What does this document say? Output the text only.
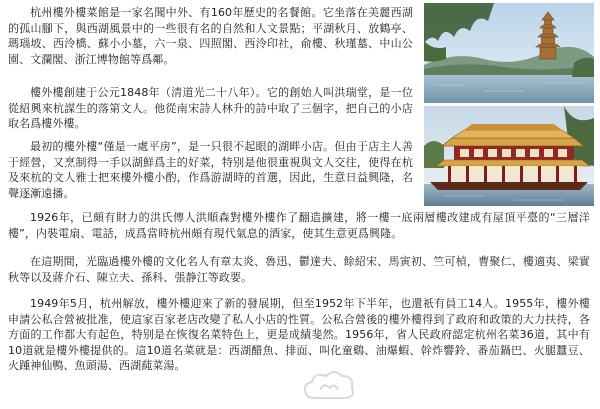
杭州樓外樓菜館是一家名聞中外、有160年歷史的名餐館。它坐落在美麗西湖的孤山腳下，與西湖風景中的一些很有名的自然和人文景點；平湖秋月、放鶴亭、瑪瑙坡、西泠橋、蘇小小墓，六一泉、四照閣、西泠印社，俞樓、秋瑾墓、中山公園、文瀾閣、浙江博物館等爲鄰。

樓外樓創建于公元1848年（清道光二十八年）。它的創始人叫洪瑞堂，是一位從紹興來杭謀生的落第文人。他從南宋詩人林升的詩中取了三個字，把自己的小店取名爲樓外樓。

最初的樓外樓“僅是一處平房”，是一只很不起眼的湖畔小店。但由于店主人善于經營，又烹制得一手以湖鮮爲主的好菜，特别是他很重視與文人交往，使得在杭及來杭的文人雅士把來樓外樓小酌，作爲游湖時的首選，因此，生意日益興隆，名聲逐漸遠播。

1926年，已頗有財力的洪氏傳人洪順森對樓外樓作了翻造擴建，將一樓一底兩層樓改建成有屋頂平臺的“三層洋樓”，内裝電扇、電話，成爲當時杭州頗有現代氣息的酒家，使其生意更爲興隆。

在這期間，光臨過樓外樓的文化名人有章太炎、魯迅、鬱達夫、餘紹宋、馬寅初、竺可楨，曹聚仁、樓適夷、梁實秋等以及蔣介石、陳立夫、孫科、張静江等政要。

1949年5月，杭州解放，樓外樓迎來了新的發展期，但至1952年下半年，也還祇有員工14人。1955年，樓外樓申請公私合營被批准，使這家百家老店改變了私人小店的性質。公私合營後的樓外樓得到了政府和政策的大力扶持，各方面的工作都大有起色，特别是在恢復名菜特色上，更是成績斐然。1956年，省人民政府認定杭州名菜36道，其中有10道就是樓外樓提供的。這10道名菜就是：西湖醋魚、排面、叫化童鷄、油爆蝦、幹炸響鈴、番茄鍋巴、火腿蠶豆、火踵神仙鴨、魚頭湯、西湖蒓菜湯。
